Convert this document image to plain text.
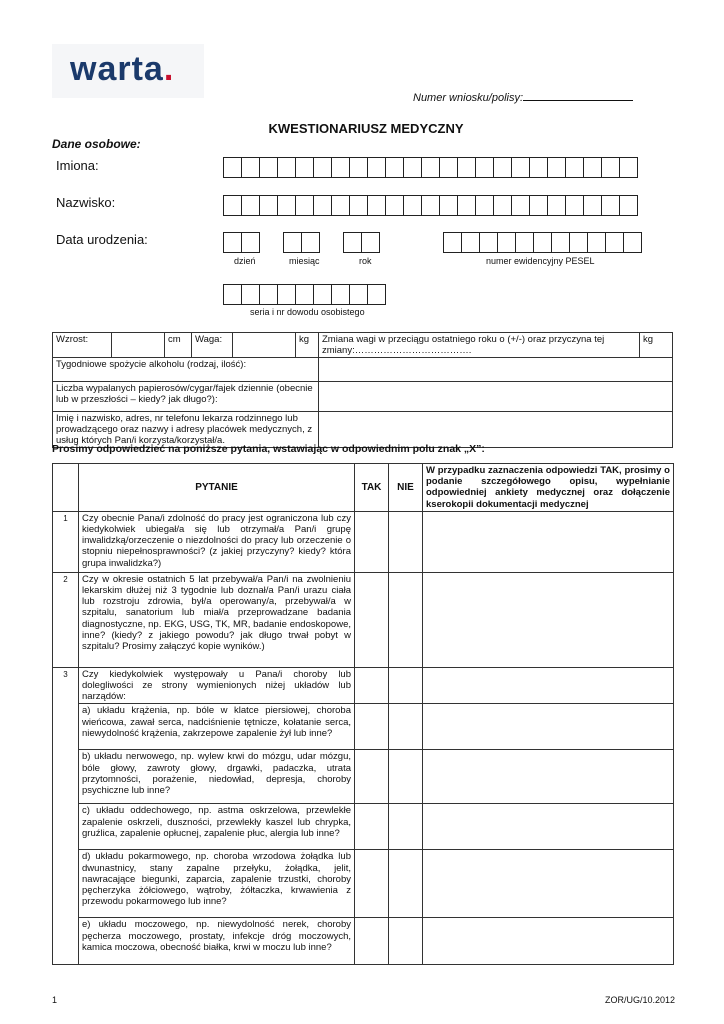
warta.
Numer wniosku/polisy:
KWESTIONARIUSZ MEDYCZNY
Dane osobowe:
Imiona:
Nazwisko:
Data urodzenia:
dzień	miesiąc	rok	numer ewidencyjny PESEL
seria i nr dowodu osobistego
Wzrost:		cm	Waga:		kg	Zmiana wagi w przeciągu ostatniego roku o (+/-) oraz przyczyna tej zmiany:……………………………….	kg
Tygodniowe spożycie alkoholu (rodzaj, ilość):							
Liczba wypalanych papierosów/cygar/fajek dziennie (obecnie lub w przeszłości – kiedy? jak długo?):							
Imię i nazwisko, adres, nr telefonu lekarza rodzinnego lub prowadzącego oraz nazwy i adresy placówek medycznych, z usług których Pan/i korzysta/korzystał/a.							
Prosimy odpowiedzieć na poniższe pytania, wstawiając w odpowiednim polu znak „X”:
	PYTANIE	TAK	NIE	W przypadku zaznaczenia odpowiedzi TAK, prosimy o podanie szczegółowego opisu, wypełnianie odpowiedniej ankiety medycznej oraz dołączenie kserokopii dokumentacji medycznej
1	Czy obecnie Pana/i zdolność do pracy jest ograniczona lub czy kiedykolwiek ubiegał/a się lub otrzymał/a Pan/i grupę inwalidzką/orzeczenie o niezdolności do pracy lub orzeczenie o stopniu niepełnosprawności? (z jakiej przyczyny? kiedy? która grupa inwalidzka?)			
2	Czy w okresie ostatnich 5 lat przebywał/a Pan/i na zwolnieniu lekarskim dłużej niż 3 tygodnie lub doznał/a Pan/i urazu ciała lub rozstroju zdrowia, był/a operowany/a, przebywał/a w szpitalu, sanatorium lub miał/a przeprowadzane badania diagnostyczne, np. EKG, USG, TK, MR, badanie endoskopowe, inne? (kiedy? z jakiego powodu? jak długo trwał pobyt w szpitalu? Prosimy załączyć kopie wyników.)			
3	Czy kiedykolwiek występowały u Pana/i choroby lub dolegliwości ze strony wymienionych niżej układów lub narządów:			
	a) układu krążenia, np. bóle w klatce piersiowej, choroba wieńcowa, zawał serca, nadciśnienie tętnicze, kołatanie serca, niewydolność krążenia, zakrzepowe zapalenie żył lub inne?			
	b) układu nerwowego, np. wylew krwi do mózgu, udar mózgu, bóle głowy, zawroty głowy, drgawki, padaczka, utrata przytomności, porażenie, niedowład, depresja, choroby psychiczne lub inne?			
	c) układu oddechowego, np. astma oskrzelowa, przewlekłe zapalenie oskrzeli, duszności, przewlekły kaszel lub chrypka, gruźlica, zapalenie opłucnej, zapalenie płuc, alergia lub inne?			
	d) układu pokarmowego, np. choroba wrzodowa żołądka lub dwunastnicy, stany zapalne przełyku, żołądka, jelit, nawracające biegunki, zaparcia, zapalenie trzustki, choroby pęcherzyka żółciowego, wątroby, żółtaczka, krwawienia z przewodu pokarmowego lub inne?			
	e) układu moczowego, np. niewydolność nerek, choroby pęcherza moczowego, prostaty, infekcje dróg moczowych, kamica moczowa, obecność białka, krwi w moczu lub inne?			
1	ZOR/UG/10.2012
